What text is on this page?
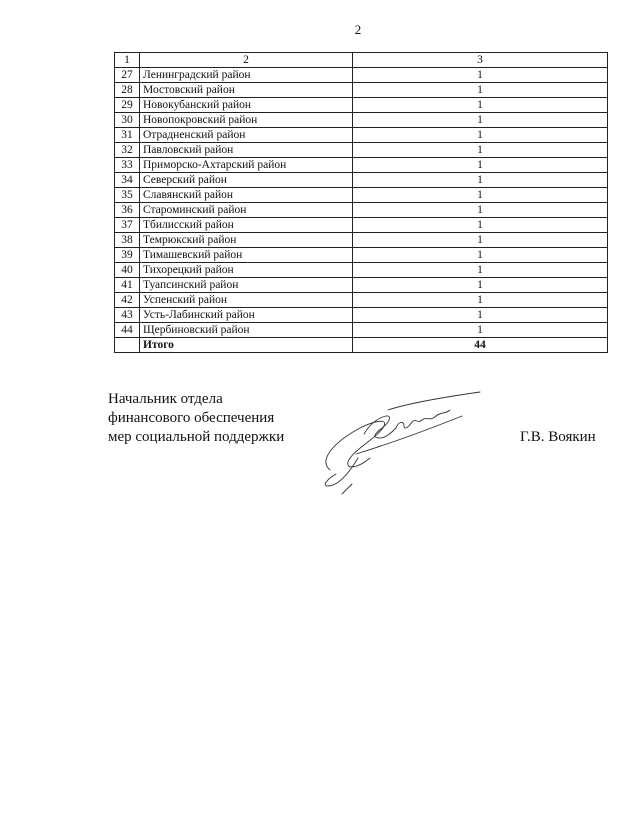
2
1	2	3
27	Ленинградский район	1
28	Мостовский район	1
29	Новокубанский район	1
30	Новопокровский район	1
31	Отрадненский район	1
32	Павловский район	1
33	Приморско-Ахтарский район	1
34	Северский район	1
35	Славянский район	1
36	Староминский район	1
37	Тбилисский район	1
38	Темрюкский район	1
39	Тимашевский район	1
40	Тихорецкий район	1
41	Туапсинский район	1
42	Успенский район	1
43	Усть-Лабинский район	1
44	Щербиновский район	1
	Итого	44
Начальник отдела
финансового обеспечения
мер социальной поддержки	Г.В. Воякин
